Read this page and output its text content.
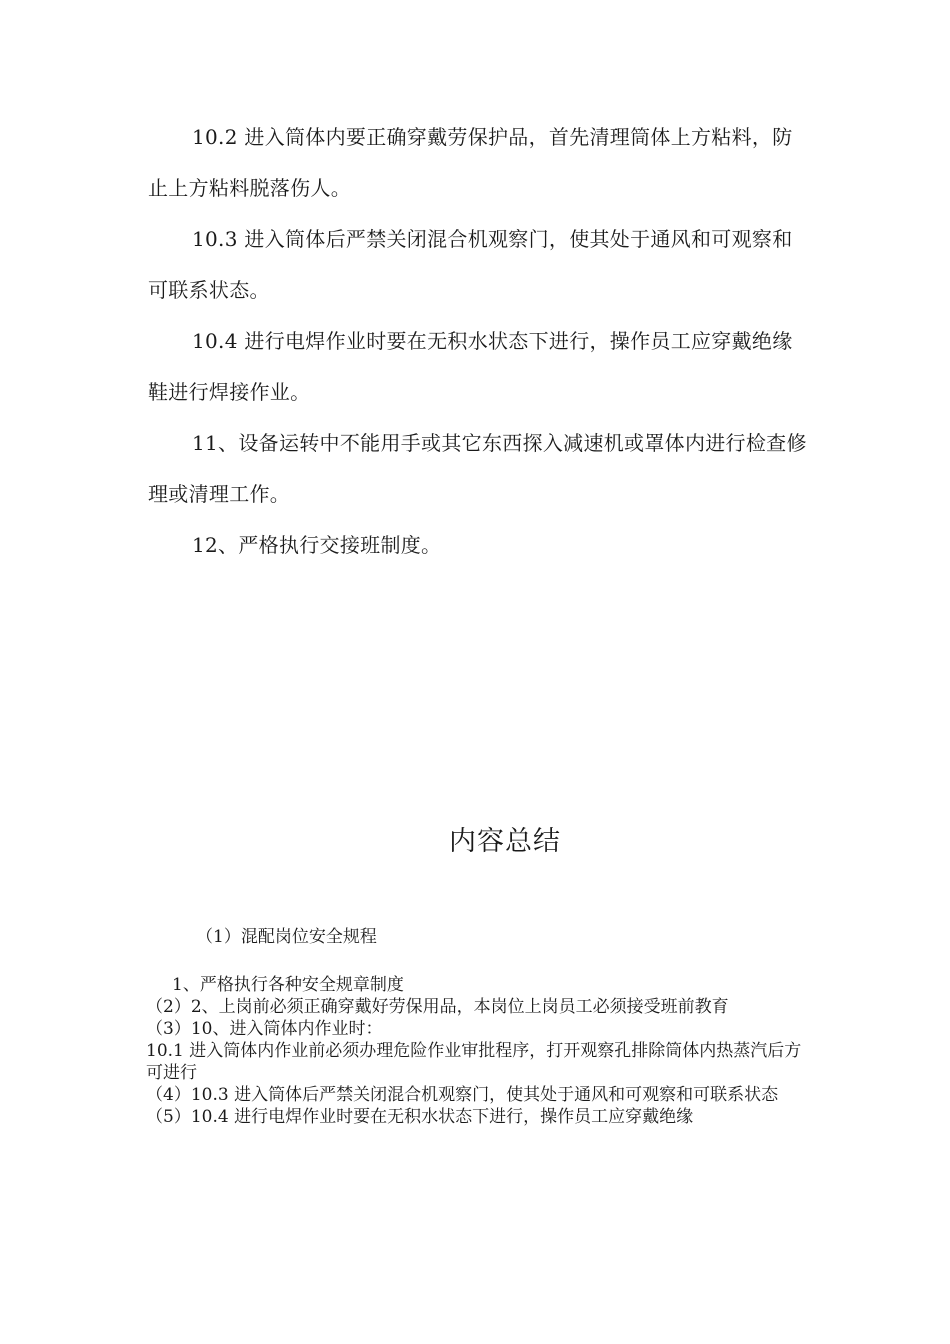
10.2 进入筒体内要正确穿戴劳保护品，首先清理筒体上方粘料，防止上方粘料脱落伤人。

10.3 进入筒体后严禁关闭混合机观察门，使其处于通风和可观察和可联系状态。

10.4 进行电焊作业时要在无积水状态下进行，操作员工应穿戴绝缘鞋进行焊接作业。

11、设备运转中不能用手或其它东西探入减速机或罩体内进行检查修理或清理工作。

12、严格执行交接班制度。

内容总结

（1）混配岗位安全规程

1、严格执行各种安全规章制度

（2）2、上岗前必须正确穿戴好劳保用品，本岗位上岗员工必须接受班前教育

（3）10、进入筒体内作业时：

10.1 进入筒体内作业前必须办理危险作业审批程序，打开观察孔排除筒体内热蒸汽后方可进行

（4）10.3 进入筒体后严禁关闭混合机观察门，使其处于通风和可观察和可联系状态

（5）10.4 进行电焊作业时要在无积水状态下进行，操作员工应穿戴绝缘
